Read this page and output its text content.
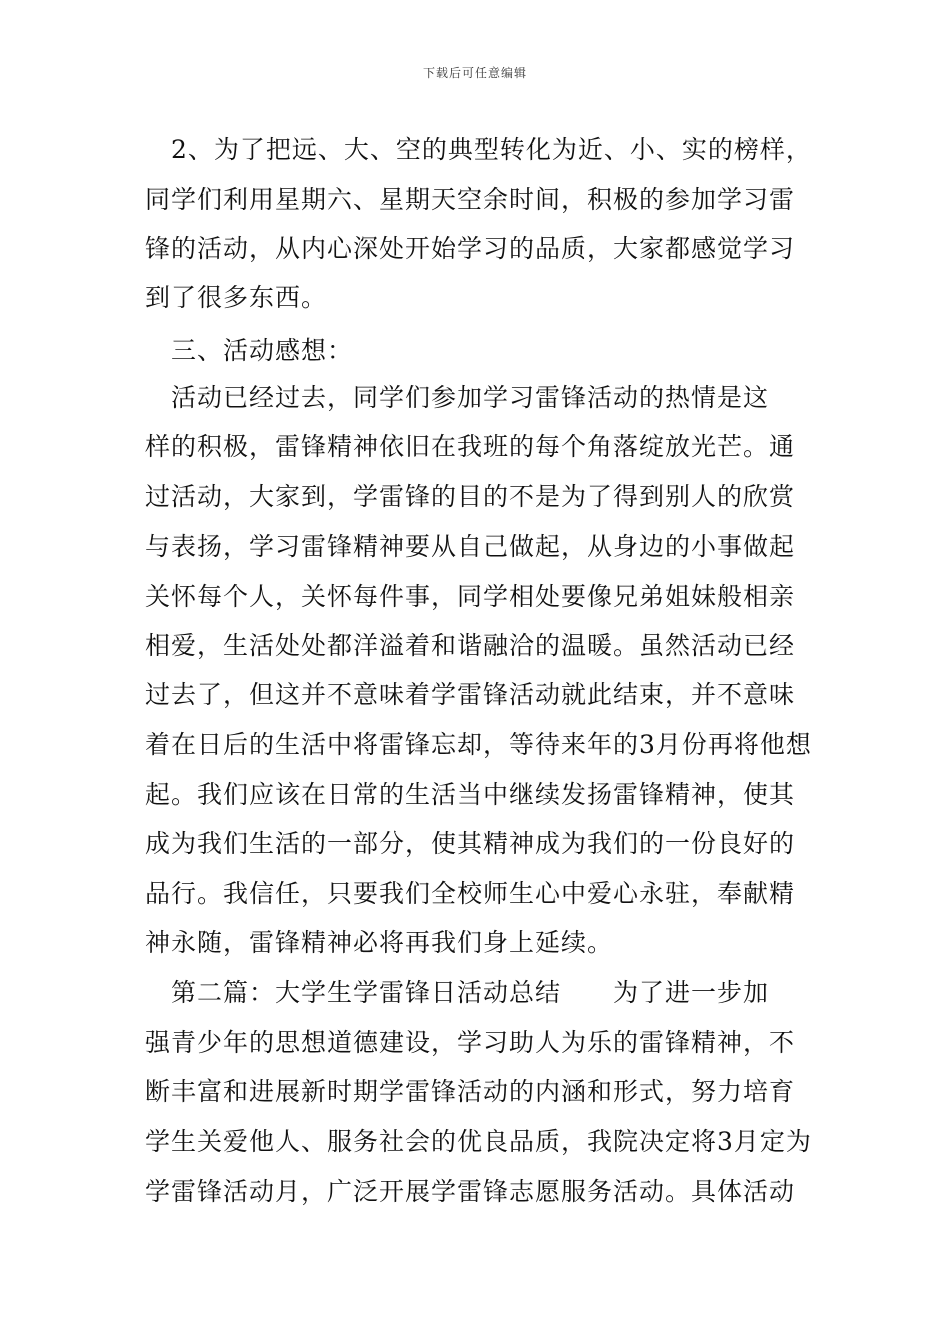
下载后可任意编辑
　2、为了把远、大、空的典型转化为近、小、实的榜样，
同学们利用星期六、星期天空余时间，积极的参加学习雷
锋的活动，从内心深处开始学习的品质，大家都感觉学习
到了很多东西。
　三、活动感想：
　活动已经过去，同学们参加学习雷锋活动的热情是这
样的积极，雷锋精神依旧在我班的每个角落绽放光芒。通
过活动，大家到，学雷锋的目的不是为了得到别人的欣赏
与表扬，学习雷锋精神要从自己做起，从身边的小事做起
关怀每个人，关怀每件事，同学相处要像兄弟姐妹般相亲
相爱，生活处处都洋溢着和谐融洽的温暖。虽然活动已经
过去了，但这并不意味着学雷锋活动就此结束，并不意味
着在日后的生活中将雷锋忘却，等待来年的3月份再将他想
起。我们应该在日常的生活当中继续发扬雷锋精神，使其
成为我们生活的一部分，使其精神成为我们的一份良好的
品行。我信任，只要我们全校师生心中爱心永驻，奉献精
神永随，雷锋精神必将再我们身上延续。
　第二篇：大学生学雷锋日活动总结　　为了进一步加
强青少年的思想道德建设，学习助人为乐的雷锋精神，不
断丰富和进展新时期学雷锋活动的内涵和形式，努力培育
学生关爱他人、服务社会的优良品质，我院决定将3月定为
学雷锋活动月，广泛开展学雷锋志愿服务活动。具体活动
